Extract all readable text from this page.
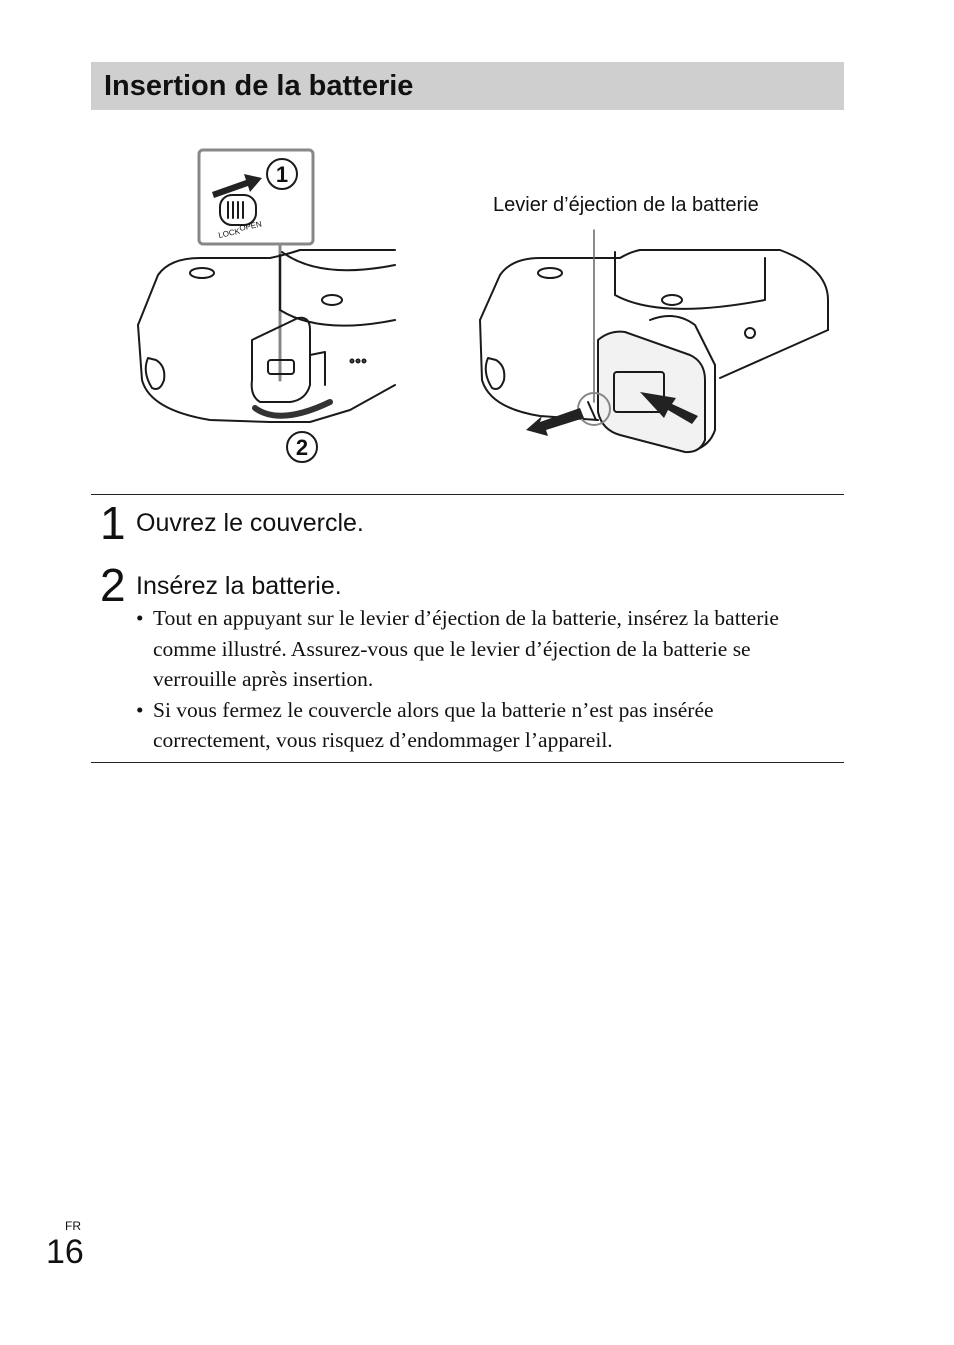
Insertion de la batterie
1
2
LOCK
OPEN
Levier d’éjection de la batterie
1 Ouvrez le couvercle.
2 Insérez la batterie.
• Tout en appuyant sur le levier d’éjection de la batterie, insérez la batterie comme illustré. Assurez-vous que le levier d’éjection de la batterie se verrouille après insertion.
• Si vous fermez le couvercle alors que la batterie n’est pas insérée correctement, vous risquez d’endommager l’appareil.
FR
16
